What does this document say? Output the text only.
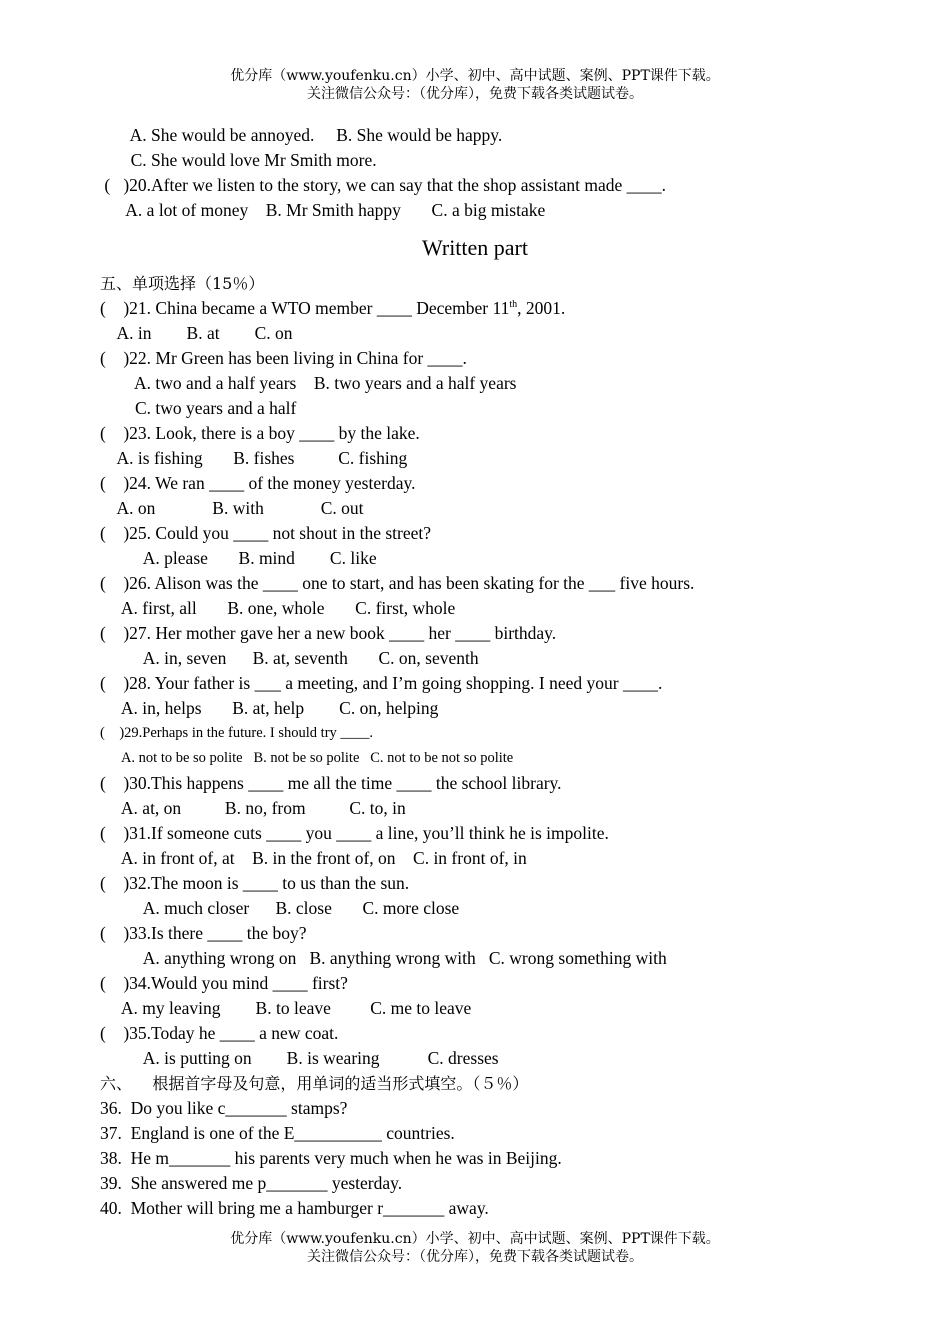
优分库（www.youfenku.cn）小学、初中、高中试题、案例、PPT课件下载。
关注微信公众号：（优分库），免费下载各类试题试卷。
A. She would be annoyed.     B. She would be happy.
C. She would love Mr Smith more.
(   )20.After we listen to the story, we can say that the shop assistant made ____.
A. a lot of money    B. Mr Smith happy       C. a big mistake
Written part
五、单项选择（15％）
(    )21. China became a WTO member ____ December 11th, 2001.
A. in        B. at        C. on
(    )22. Mr Green has been living in China for ____.
A. two and a half years    B. two years and a half years
C. two years and a half
(    )23. Look, there is a boy ____ by the lake.
A. is fishing       B. fishes          C. fishing
(    )24. We ran ____ of the money yesterday.
A. on             B. with             C. out
(    )25. Could you ____ not shout in the street?
A. please       B. mind        C. like
(    )26. Alison was the ____ one to start, and has been skating for the ___ five hours.
A. first, all       B. one, whole       C. first, whole
(    )27. Her mother gave her a new book ____ her ____ birthday.
A. in, seven      B. at, seventh       C. on, seventh
(    )28. Your father is ___ a meeting, and I’m going shopping. I need your ____.
A. in, helps       B. at, help        C. on, helping
(    )29.Perhaps in the future. I should try ____.
A. not to be so polite   B. not be so polite   C. not to be not so polite
(    )30.This happens ____ me all the time ____ the school library.
A. at, on          B. no, from          C. to, in
(    )31.If someone cuts ____ you ____ a line, you’ll think he is impolite.
A. in front of, at    B. in the front of, on    C. in front of, in
(    )32.The moon is ____ to us than the sun.
A. much closer      B. close       C. more close
(    )33.Is there ____ the boy?
A. anything wrong on   B. anything wrong with   C. wrong something with
(    )34.Would you mind ____ first?
A. my leaving        B. to leave         C. me to leave
(    )35.Today he ____ a new coat.
A. is putting on        B. is wearing           C. dresses
六、    根据首字母及句意，用单词的适当形式填空。（５％）
36.  Do you like c_______ stamps?
37.  England is one of the E__________ countries.
38.  He m_______ his parents very much when he was in Beijing.
39.  She answered me p_______ yesterday.
40.  Mother will bring me a hamburger r_______ away.
优分库（www.youfenku.cn）小学、初中、高中试题、案例、PPT课件下载。
关注微信公众号：（优分库），免费下载各类试题试卷。
